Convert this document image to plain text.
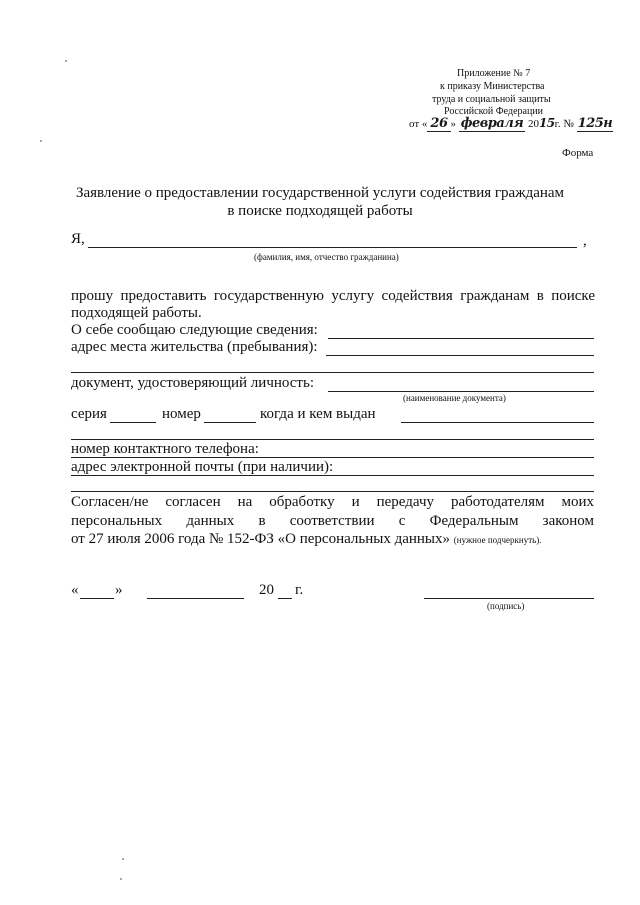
Приложение № 7
к приказу Министерства
труда и социальной защиты
Российской Федерации
от « 26 » февраля 2015г. № 125н
Форма
Заявление о предоставлении государственной услуги содействия гражданам
в поиске подходящей работы
Я,	,
(фамилия, имя, отчество гражданина)
прошу предоставить государственную услугу содействия гражданам в поиске
подходящей работы.
О себе сообщаю следующие сведения:
адрес места жительства (пребывания):
документ, удостоверяющий личность:
(наименование документа)
серия	номер	когда и кем выдан
номер контактного телефона:
адрес электронной почты (при наличии):
Согласен/не согласен на обработку и передачу работодателям моих
персональных данных в соответствии с Федеральным законом
от 27 июля 2006 года № 152-ФЗ «О персональных данных» (нужное подчеркнуть).
« »	20 г.
(подпись)
